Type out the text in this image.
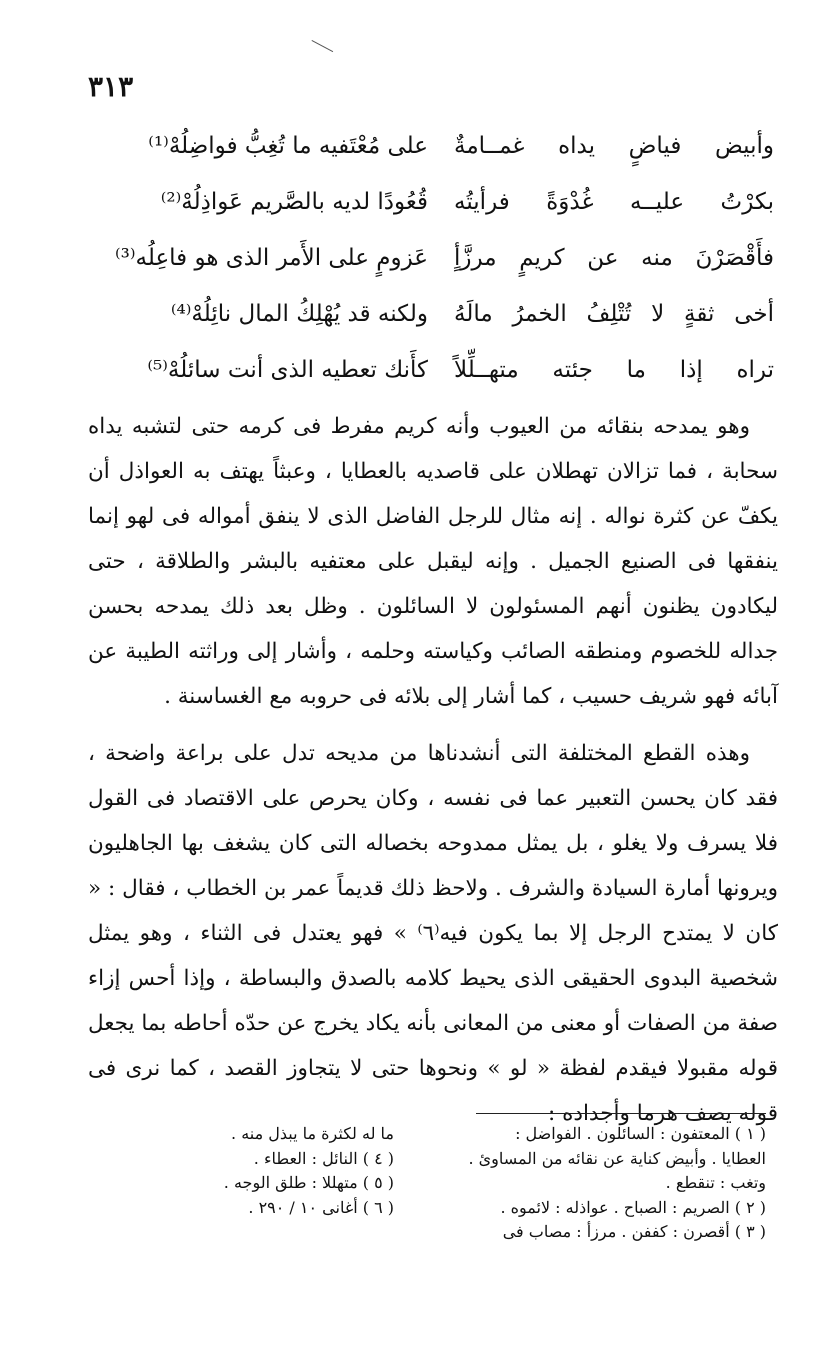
٣١٣
وأبيض فياضٍ يداه غمــامةٌ
على مُعْتَفيه ما تُغِبُّ فواضِلُهْ⁽¹⁾
بكرْتُ عليــه غُدْوَةً فرأيتُه
قُعُودًا لديه بالصَّريم عَواذِلُهْ⁽²⁾
فأَقْصَرْنَ منه عن كريمٍ مرزَّأٍ
عَزومٍ على الأَمر الذى هو فاعِلُه⁽³⁾
أخى ثقةٍ لا تُتْلِفُ الخمرُ مالَهُ
ولكنه قد يُهْلِكُ المال نائِلُهْ⁽⁴⁾
تراه إذا ما جئته متهــلِّلاً
كأَنك تعطيه الذى أنت سائلُهْ⁽⁵⁾

وهو يمدحه بنقائه من العيوب وأنه كريم مفرط فى كرمه حتى لتشبه يداه سحابة ، فما تزالان تهطلان على قاصديه بالعطايا ، وعبثاً يهتف به العواذل أن يكفّ عن كثرة نواله . إنه مثال للرجل الفاضل الذى لا ينفق أمواله فى لهو إنما ينفقها فى الصنيع الجميل . وإنه ليقبل على معتفيه بالبشر والطلاقة ، حتى ليكادون يظنون أنهم المسئولون لا السائلون . وظل بعد ذلك يمدحه بحسن جداله للخصوم ومنطقه الصائب وكياسته وحلمه ، وأشار إلى وراثته الطيبة عن آبائه فهو شريف حسيب ، كما أشار إلى بلائه فى حروبه مع الغساسنة .

وهذه القطع المختلفة التى أنشدناها من مديحه تدل على براعة واضحة ، فقد كان يحسن التعبير عما فى نفسه ، وكان يحرص على الاقتصاد فى القول فلا يسرف ولا يغلو ، بل يمثل ممدوحه بخصاله التى كان يشغف بها الجاهليون ويرونها أمارة السيادة والشرف . ولاحظ ذلك قديماً عمر بن الخطاب ، فقال : « كان لا يمتدح الرجل إلا بما يكون فيه⁽٦⁾ » فهو يعتدل فى الثناء ، وهو يمثل شخصية البدوى الحقيقى الذى يحيط كلامه بالصدق والبساطة ، وإذا أحس إزاء صفة من الصفات أو معنى من المعانى بأنه يكاد يخرج عن حدّه أحاطه بما يجعل قوله مقبولا فيقدم لفظة « لو » ونحوها حتى لا يتجاوز القصد ، كما نرى فى قوله يصف هرما وأجداده :

( ١ ) المعتفون : السائلون . الفواضل :
العطايا . وأبيض كناية عن نقائه من المساوئ .
وتغب : تنقطع .
( ٢ ) الصريم : الصباح . عواذله : لائموه .
( ٣ ) أقصرن : كففن . مرزأ : مصاب فى
ما له لكثرة ما يبذل منه .
( ٤ ) النائل : العطاء .
( ٥ ) متهللا : طلق الوجه .
( ٦ ) أغانى ١٠ / ٢٩٠ .
